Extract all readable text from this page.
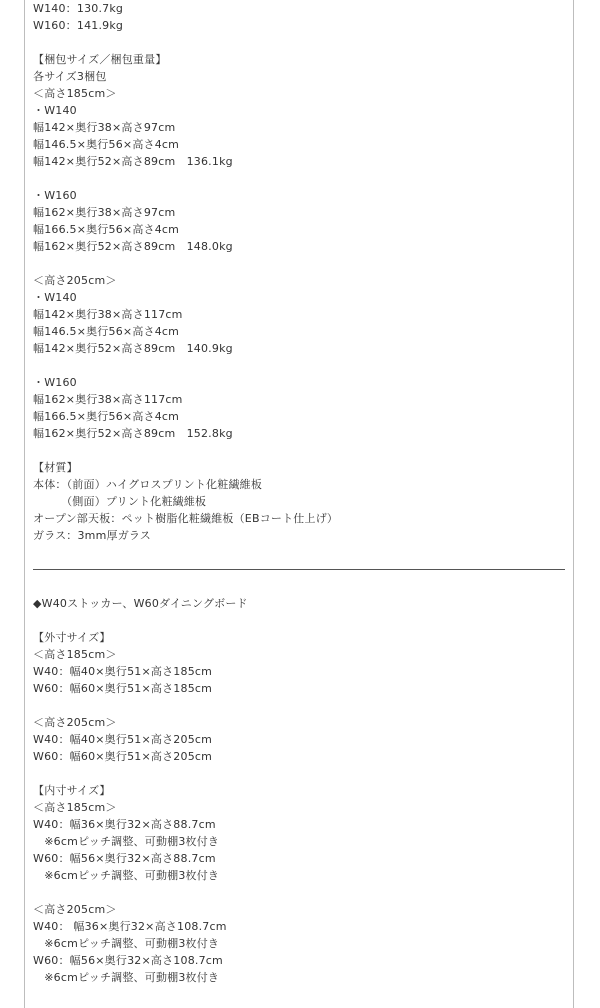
W140：130.7kg
W160：141.9kg
【梱包サイズ／梱包重量】
各サイズ3梱包
＜高さ185cm＞
・W140
幅142×奥行38×高さ97cm
幅146.5×奥行56×高さ4cm
幅142×奥行52×高さ89cm　136.1kg
・W160
幅162×奥行38×高さ97cm
幅166.5×奥行56×高さ4cm
幅162×奥行52×高さ89cm　148.0kg
＜高さ205cm＞
・W140
幅142×奥行38×高さ117cm
幅146.5×奥行56×高さ4cm
幅142×奥行52×高さ89cm　140.9kg
・W160
幅162×奥行38×高さ117cm
幅166.5×奥行56×高さ4cm
幅162×奥行52×高さ89cm　152.8kg
【材質】
本体：（前面）ハイグロスプリント化粧繊維板
　　　（側面）プリント化粧繊維板
オープン部天板：ペット樹脂化粧繊維板（EBコート仕上げ）
ガラス：3mm厚ガラス
◆W40ストッカー、W60ダイニングボード
【外寸サイズ】
＜高さ185cm＞
W40：幅40×奥行51×高さ185cm
W60：幅60×奥行51×高さ185cm
＜高さ205cm＞
W40：幅40×奥行51×高さ205cm
W60：幅60×奥行51×高さ205cm
【内寸サイズ】
＜高さ185cm＞
W40：幅36×奥行32×高さ88.7cm
　※6cmピッチ調整、可動棚3枚付き
W60：幅56×奥行32×高さ88.7cm
　※6cmピッチ調整、可動棚3枚付き
＜高さ205cm＞
W40： 幅36×奥行32×高さ108.7cm
　※6cmピッチ調整、可動棚3枚付き
W60：幅56×奥行32×高さ108.7cm
　※6cmピッチ調整、可動棚3枚付き
